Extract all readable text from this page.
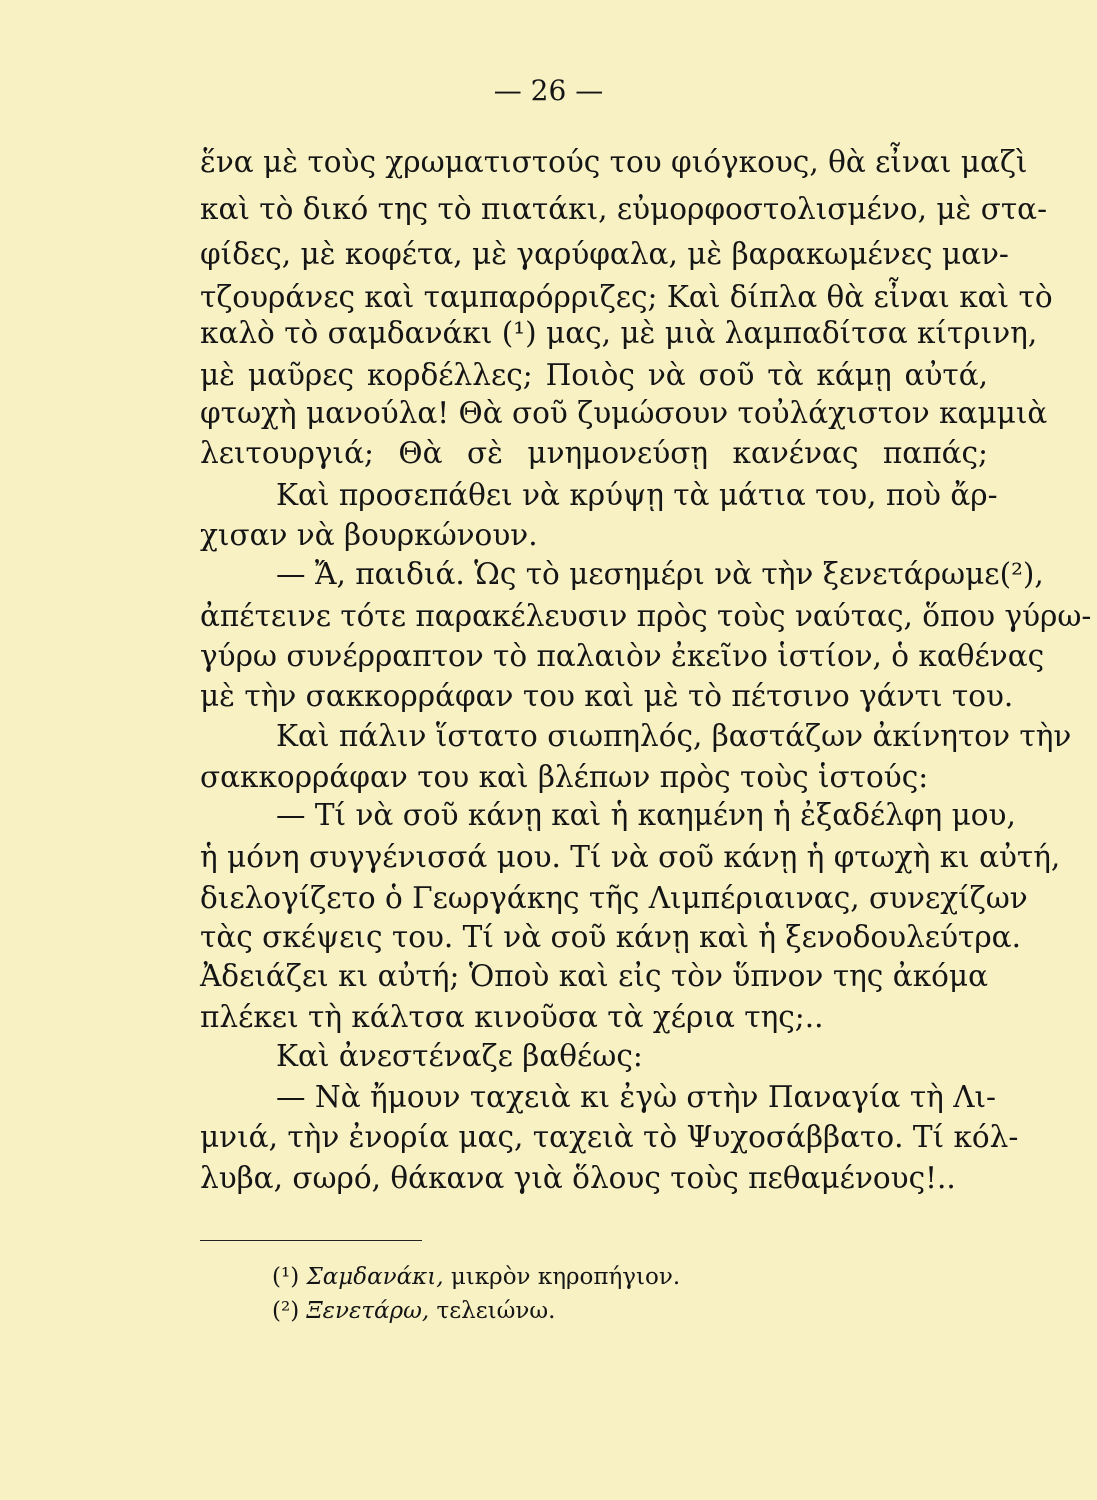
— 26 —
ἕνα μὲ τοὺς χρωματιστούς του φιόγκους, θὰ εἶναι μαζὶ
καὶ τὸ δικό της τὸ πιατάκι, εὐμορφοστολισμένο, μὲ στα-
φίδες, μὲ κοφέτα, μὲ γαρύφαλα, μὲ βαρακωμένες μαν-
τζουράνες καὶ ταμπαρόρριζες; Καὶ δίπλα θὰ εἶναι καὶ τὸ
καλὸ τὸ σαμδανάκι (¹) μας, μὲ μιὰ λαμπαδίτσα κίτρινη,
μὲ μαῦρες κορδέλλες; Ποιὸς νὰ σοῦ τὰ κάμῃ αὐτά,
φτωχὴ μανούλα! Θὰ σοῦ ζυμώσουν τοὐλάχιστον καμμιὰ
λειτουργιά; Θὰ σὲ μνημονεύσῃ κανένας παπάς;
Καὶ προσεπάθει νὰ κρύψῃ τὰ μάτια του, ποὺ ἄρ-
χισαν νὰ βουρκώνουν.
— Ἄ, παιδιά. Ὡς τὸ μεσημέρι νὰ τὴν ξενετάρωμε(²),
ἀπέτεινε τότε παρακέλευσιν πρὸς τοὺς ναύτας, ὅπου γύρω-
γύρω συνέρραπτον τὸ παλαιὸν ἐκεῖνο ἱστίον, ὁ καθένας
μὲ τὴν σακκορράφαν του καὶ μὲ τὸ πέτσινο γάντι του.
Καὶ πάλιν ἵστατο σιωπηλός, βαστάζων ἀκίνητον τὴν
σακκορράφαν του καὶ βλέπων πρὸς τοὺς ἱστούς:
— Τί νὰ σοῦ κάνῃ καὶ ἡ καημένη ἡ ἐξαδέλφη μου,
ἡ μόνη συγγένισσά μου. Τί νὰ σοῦ κάνῃ ἡ φτωχὴ κι αὐτή,
διελογίζετο ὁ Γεωργάκης τῆς Λιμπέριαινας, συνεχίζων
τὰς σκέψεις του. Τί νὰ σοῦ κάνῃ καὶ ἡ ξενοδουλεύτρα.
Ἀδειάζει κι αὐτή; Ὁποὺ καὶ εἰς τὸν ὕπνον της ἀκόμα
πλέκει τὴ κάλτσα κινοῦσα τὰ χέρια της;..
Καὶ ἀνεστέναζε βαθέως:
— Νὰ ἤμουν ταχειὰ κι ἐγὼ στὴν Παναγία τὴ Λι-
μνιά, τὴν ἐνορία μας, ταχειὰ τὸ Ψυχοσάββατο. Τί κόλ-
λυβα, σωρό, θάκανα γιὰ ὅλους τοὺς πεθαμένους!..
(¹) Σαμδανάκι, μικρὸν κηροπήγιον.
(²) Ξενετάρω, τελειώνω.
